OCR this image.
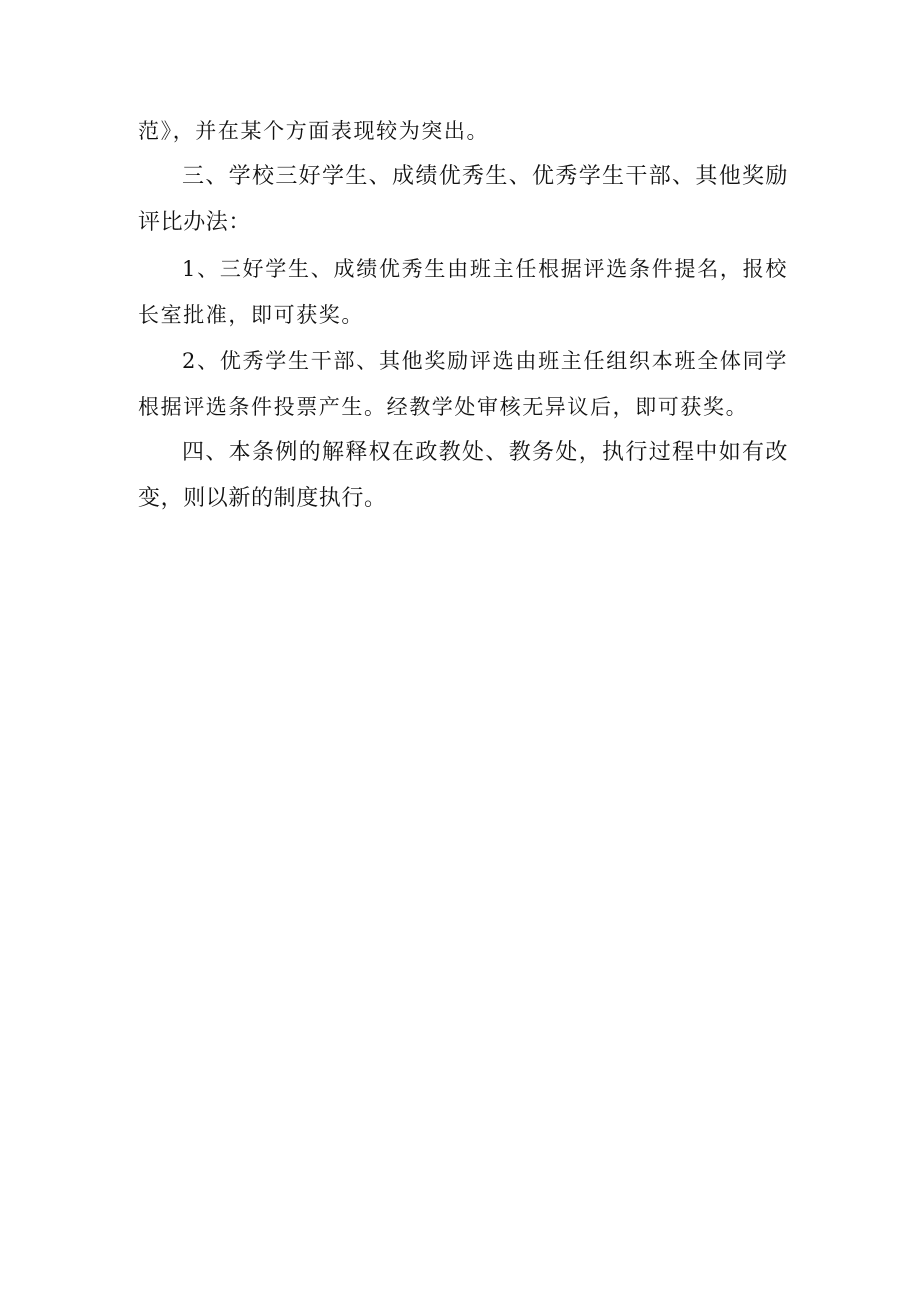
范》，并在某个方面表现较为突出。

三、学校三好学生、成绩优秀生、优秀学生干部、其他奖励评比办法：

1、三好学生、成绩优秀生由班主任根据评选条件提名，报校长室批准，即可获奖。

2、优秀学生干部、其他奖励评选由班主任组织本班全体同学根据评选条件投票产生。经教学处审核无异议后，即可获奖。

四、本条例的解释权在政教处、教务处，执行过程中如有改变，则以新的制度执行。
